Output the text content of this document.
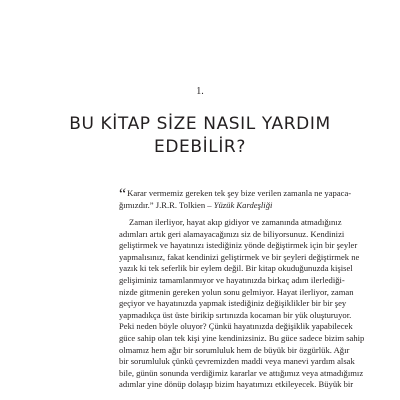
1.
BU KİTAP SİZE NASIL YARDIM
EDEBİLİR?
“Karar vermemiz gereken tek şey bize verilen zamanla ne yapaca-
ğımızdır.” J.R.R. Tolkien – Yüzük Kardeşliği
Zaman ilerliyor, hayat akıp gidiyor ve zamanında atmadığınız
adımları artık geri alamayacağınızı siz de biliyorsunuz. Kendinizi
geliştirmek ve hayatınızı istediğiniz yönde değiştirmek için bir şeyler
yapmalısınız, fakat kendinizi geliştirmek ve bir şeyleri değiştirmek ne
yazık ki tek seferlik bir eylem değil. Bir kitap okuduğunuzda kişisel
gelişiminiz tamamlanmıyor ve hayatınızda birkaç adım ilerlediği-
nizde gitmenin gereken yolun sonu gelmiyor. Hayat ilerliyor, zaman
geçiyor ve hayatınızda yapmak istediğiniz değişiklikler bir bir şey
yapmadıkça üst üste birikip sırtınızda kocaman bir yük oluşturuyor.
Peki neden böyle oluyor? Çünkü hayatınızda değişiklik yapabilecek
güce sahip olan tek kişi yine kendinizsiniz. Bu güce sadece bizim sahip
olmamız hem ağır bir sorumluluk hem de büyük bir özgürlük. Ağır
bir sorumluluk çünkü çevremizden maddi veya manevi yardım alsak
bile, günün sonunda verdiğimiz kararlar ve attığımız veya atmadığımız
adımlar yine dönüp dolaşıp bizim hayatımızı etkileyecek. Büyük bir
